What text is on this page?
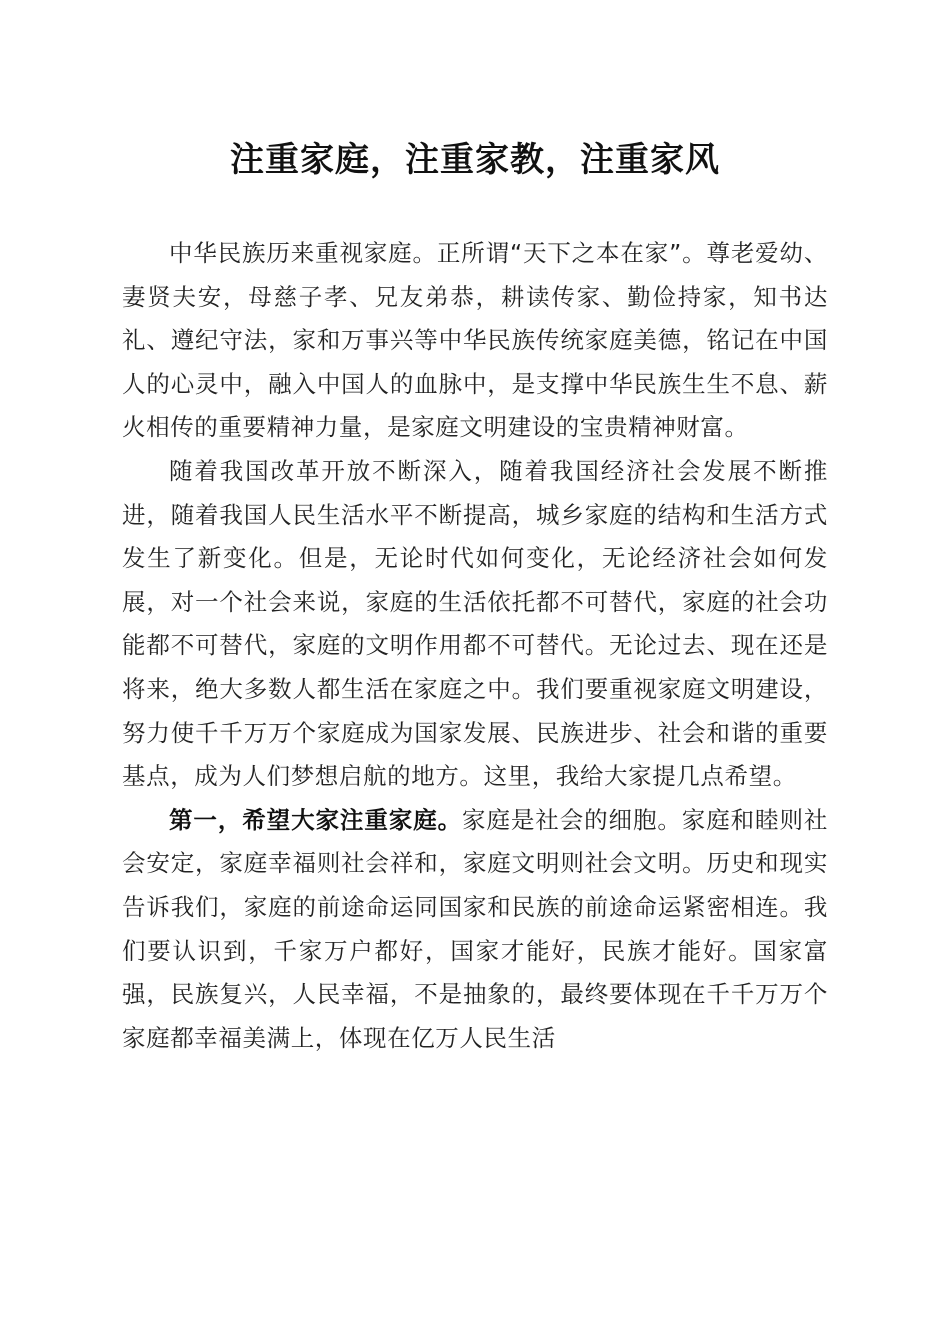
注重家庭，注重家教，注重家风

中华民族历来重视家庭。正所谓“天下之本在家”。尊老爱幼、妻贤夫安，母慈子孝、兄友弟恭，耕读传家、勤俭持家，知书达礼、遵纪守法，家和万事兴等中华民族传统家庭美德，铭记在中国人的心灵中，融入中国人的血脉中，是支撑中华民族生生不息、薪火相传的重要精神力量，是家庭文明建设的宝贵精神财富。

随着我国改革开放不断深入，随着我国经济社会发展不断推进，随着我国人民生活水平不断提高，城乡家庭的结构和生活方式发生了新变化。但是，无论时代如何变化，无论经济社会如何发展，对一个社会来说，家庭的生活依托都不可替代，家庭的社会功能都不可替代，家庭的文明作用都不可替代。无论过去、现在还是将来，绝大多数人都生活在家庭之中。我们要重视家庭文明建设，努力使千千万万个家庭成为国家发展、民族进步、社会和谐的重要基点，成为人们梦想启航的地方。这里，我给大家提几点希望。

第一，希望大家注重家庭。家庭是社会的细胞。家庭和睦则社会安定，家庭幸福则社会祥和，家庭文明则社会文明。历史和现实告诉我们，家庭的前途命运同国家和民族的前途命运紧密相连。我们要认识到，千家万户都好，国家才能好，民族才能好。国家富强，民族复兴，人民幸福，不是抽象的，最终要体现在千千万万个家庭都幸福美满上，体现在亿万人民生活
